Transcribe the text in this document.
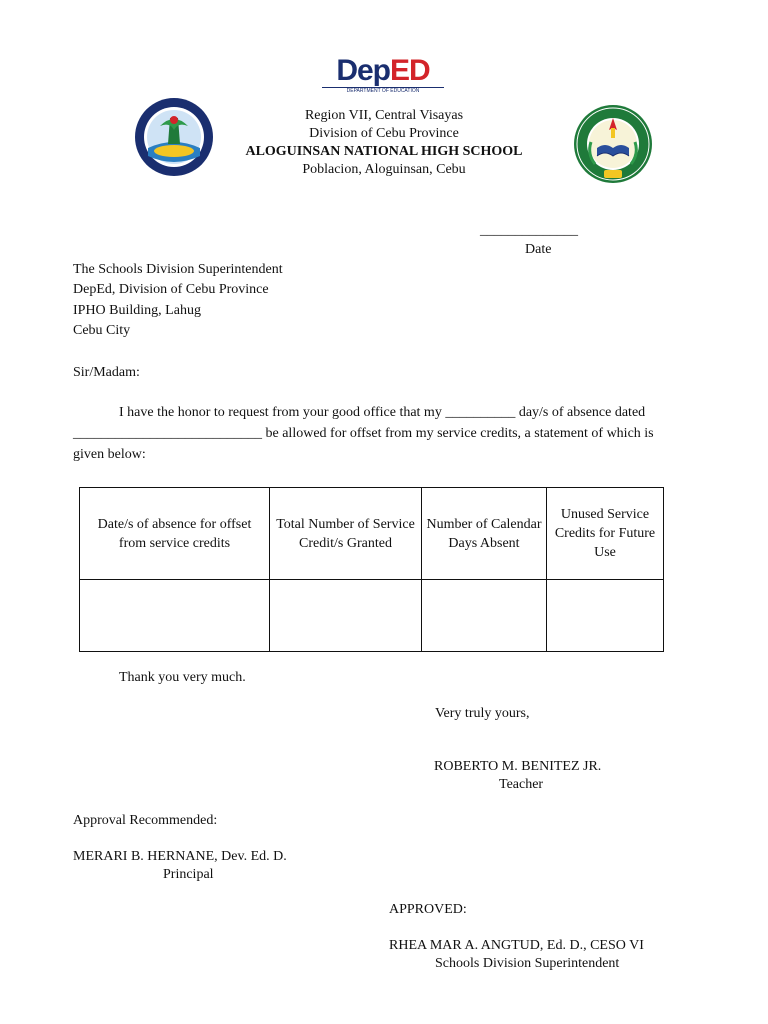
DepED
DEPARTMENT OF EDUCATION
Region VII, Central Visayas
Division of Cebu Province
ALOGUINSAN NATIONAL HIGH SCHOOL
Poblacion, Aloguinsan, Cebu
______________
Date
The Schools Division Superintendent
DepEd, Division of Cebu Province
IPHO Building, Lahug
Cebu City
Sir/Madam:
I have the honor to request from your good office that my __________ day/s of absence dated
___________________________ be allowed for offset from my service credits, a statement of which is
given below:
Date/s of absence for offset from service credits	Total Number of Service Credit/s Granted	Number of Calendar Days Absent	Unused Service Credits for Future Use

Thank you very much.
Very truly yours,
ROBERTO M. BENITEZ JR.
Teacher
Approval Recommended:
MERARI B. HERNANE, Dev. Ed. D.
Principal
APPROVED:
RHEA MAR A. ANGTUD, Ed. D., CESO VI
Schools Division Superintendent
